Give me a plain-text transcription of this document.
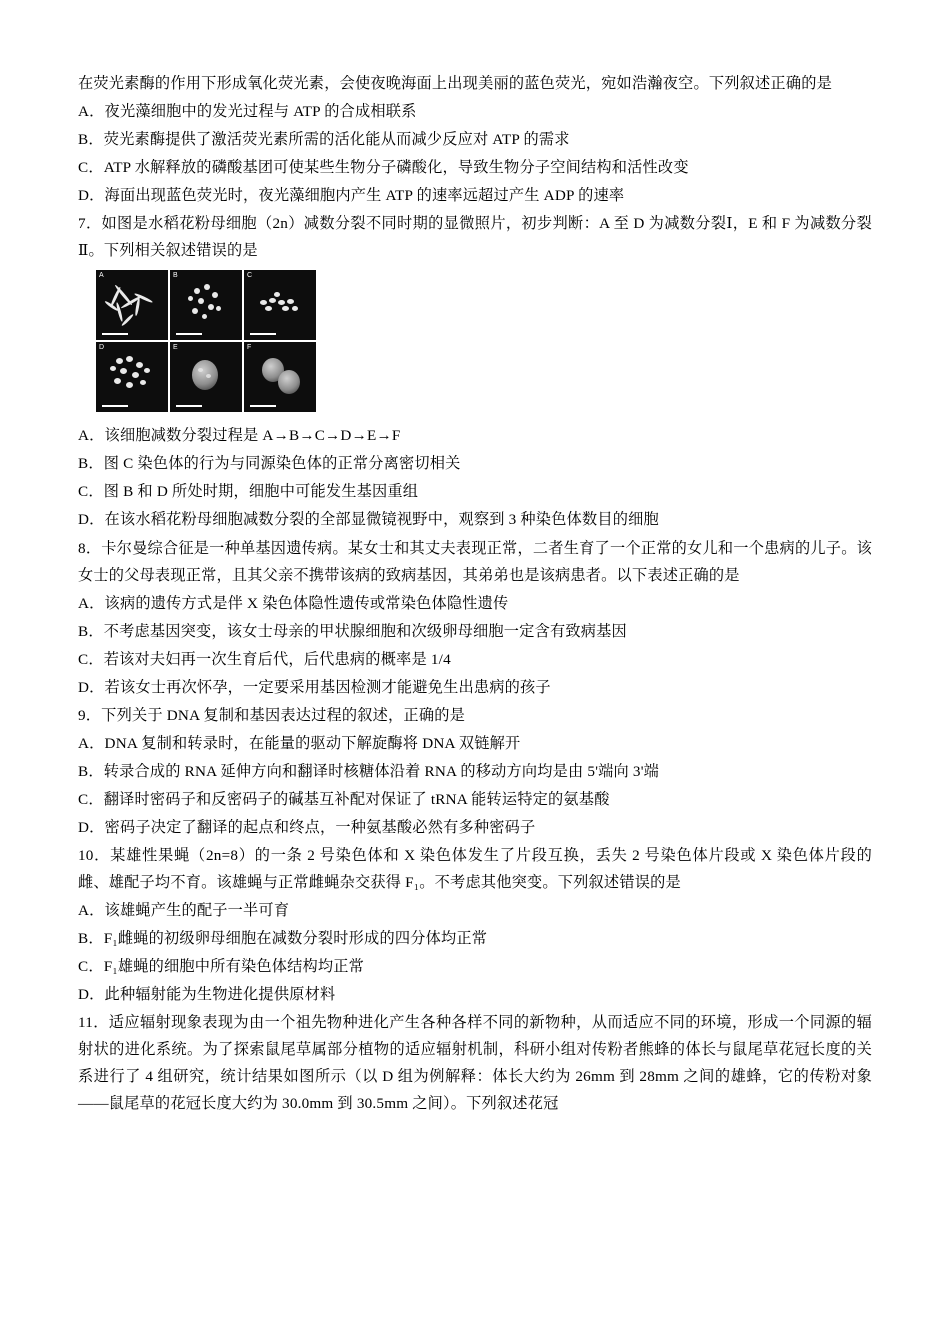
在荧光素酶的作用下形成氧化荧光素，会使夜晚海面上出现美丽的蓝色荧光，宛如浩瀚夜空。下列叙述正确的是

A．夜光藻细胞中的发光过程与 ATP 的合成相联系

B．荧光素酶提供了激活荧光素所需的活化能从而减少反应对 ATP 的需求

C．ATP 水解释放的磷酸基团可使某些生物分子磷酸化，导致生物分子空间结构和活性改变

D．海面出现蓝色荧光时，夜光藻细胞内产生 ATP 的速率远超过产生 ADP 的速率

7．如图是水稻花粉母细胞（2n）减数分裂不同时期的显微照片，初步判断：A 至 D 为减数分裂Ⅰ，E 和 F 为减数分裂Ⅱ。下列相关叙述错误的是

A	B	C
D	E	F

A．该细胞减数分裂过程是 A→B→C→D→E→F

B．图 C 染色体的行为与同源染色体的正常分离密切相关

C．图 B 和 D 所处时期，细胞中可能发生基因重组

D．在该水稻花粉母细胞减数分裂的全部显微镜视野中，观察到 3 种染色体数目的细胞

8．卡尔曼综合征是一种单基因遗传病。某女士和其丈夫表现正常，二者生育了一个正常的女儿和一个患病的儿子。该女士的父母表现正常，且其父亲不携带该病的致病基因，其弟弟也是该病患者。以下表述正确的是

A．该病的遗传方式是伴 X 染色体隐性遗传或常染色体隐性遗传

B．不考虑基因突变，该女士母亲的甲状腺细胞和次级卵母细胞一定含有致病基因

C．若该对夫妇再一次生育后代，后代患病的概率是 1/4

D．若该女士再次怀孕，一定要采用基因检测才能避免生出患病的孩子

9．下列关于 DNA 复制和基因表达过程的叙述，正确的是

A．DNA 复制和转录时，在能量的驱动下解旋酶将 DNA 双链解开

B．转录合成的 RNA 延伸方向和翻译时核糖体沿着 RNA 的移动方向均是由 5'端向 3'端

C．翻译时密码子和反密码子的碱基互补配对保证了 tRNA 能转运特定的氨基酸

D．密码子决定了翻译的起点和终点，一种氨基酸必然有多种密码子

10．某雄性果蝇（2n=8）的一条 2 号染色体和 X 染色体发生了片段互换，丢失 2 号染色体片段或 X 染色体片段的雌、雄配子均不育。该雄蝇与正常雌蝇杂交获得 F₁。不考虑其他突变。下列叙述错误的是

A．该雄蝇产生的配子一半可育

B．F₁雌蝇的初级卵母细胞在减数分裂时形成的四分体均正常

C．F₁雄蝇的细胞中所有染色体结构均正常

D．此种辐射能为生物进化提供原材料

11．适应辐射现象表现为由一个祖先物种进化产生各种各样不同的新物种，从而适应不同的环境，形成一个同源的辐射状的进化系统。为了探索鼠尾草属部分植物的适应辐射机制，科研小组对传粉者熊蜂的体长与鼠尾草花冠长度的关系进行了 4 组研究，统计结果如图所示（以 D 组为例解释：体长大约为 26mm 到 28mm 之间的雄蜂，它的传粉对象——鼠尾草的花冠长度大约为 30.0mm 到 30.5mm 之间）。下列叙述花冠
